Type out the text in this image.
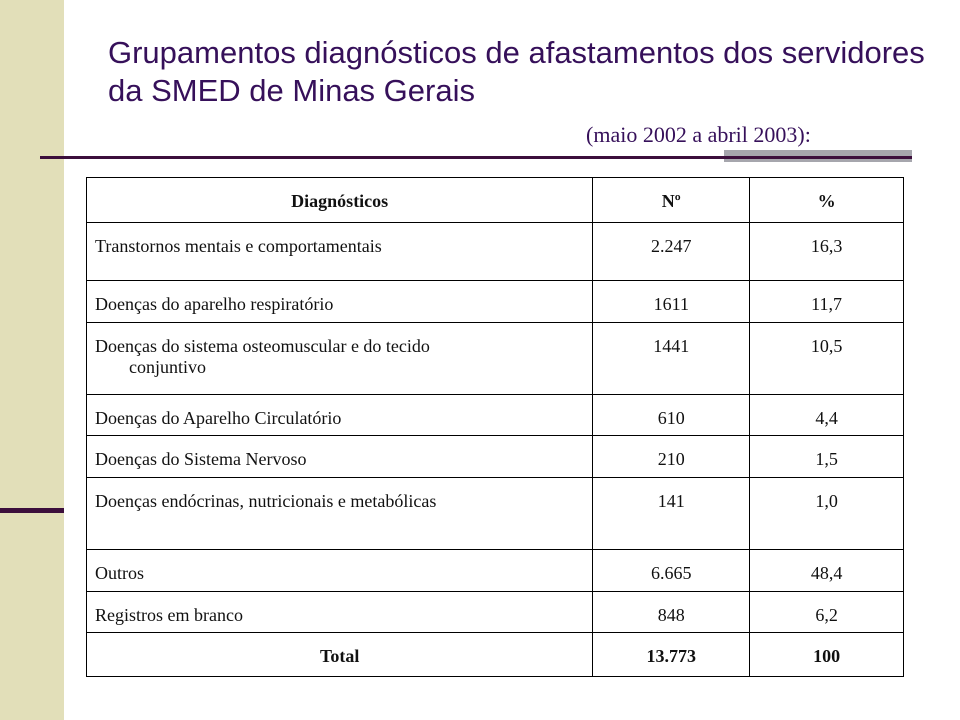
Grupamentos diagnósticos de afastamentos dos servidores
da SMED de Minas Gerais
(maio 2002 a abril 2003):
Diagnósticos	Nº	%
Transtornos mentais e comportamentais	2.247	16,3
Doenças do aparelho respiratório	1611	11,7

Doenças do sistema osteomuscular e do tecido
conjuntivo	1441	10,5
Doenças do Aparelho Circulatório	610	4,4
Doenças do Sistema Nervoso	210	1,5
Doenças endócrinas, nutricionais e metabólicas	141	1,0
Outros	6.665	48,4
Registros em branco	848	6,2
Total	13.773	100
